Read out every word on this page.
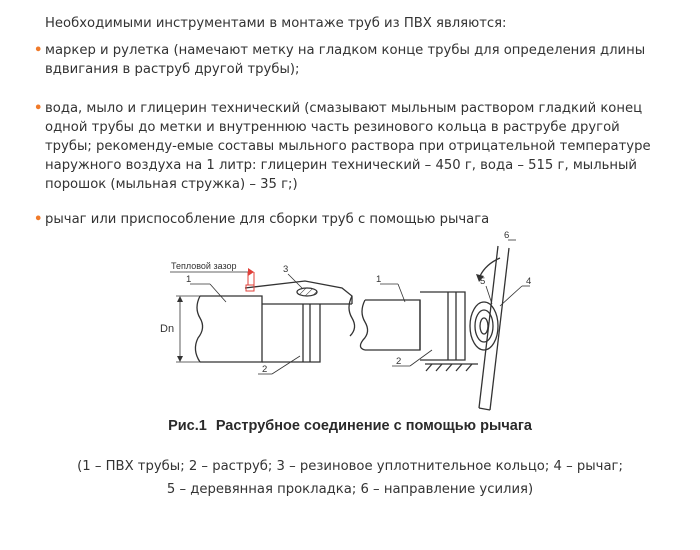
Необходимыми инструментами в монтаже труб из ПВХ являются:

• маркер и рулетка (намечают метку на гладком конце трубы для определения длины вдвигания в раструб другой трубы);
• вода, мыло и глицерин технический (смазывают мыльным раствором гладкий конец одной трубы до метки и внутреннюю часть резинового кольца в раструбе другой трубы; рекоменду-емые составы мыльного раствора при отрицательной температуре наружного воздуха на 1 литр: глицерин технический – 450 г, вода – 515 г, мыльный порошок (мыльная стружка) – 35 г;)
• рычаг или приспособление для сборки труб с помощью рычага
Тепловой зазор
Dn
1
3
2
1
2
5	4
6

Рис.1 Раструбное соединение с помощью рычага

(1 – ПВХ трубы; 2 – раструб; 3 – резиновое уплотнительное кольцо; 4 – рычаг;
5 – деревянная прокладка; 6 – направление усилия)
